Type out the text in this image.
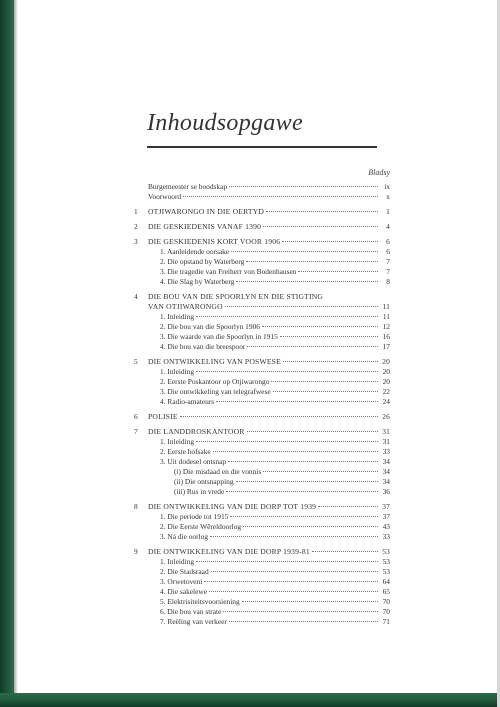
Inhoudsopgawe
Bladsy
Burgemeester se boodskap	ix
Voorwoord	x
1	OTJIWARONGO IN DIE OERTYD	1
2	DIE GESKIEDENIS VANAF 1390	4
3	DIE GESKIEDENIS KORT VOOR 1906	6
1. Aanleidende oorsake	6
2. Die opstand by Waterberg	7
3. Die tragedie van Freiherr von Bodenhausen	7
4. Die Slag by Waterberg	8
4	DIE BOU VAN DIE SPOORLYN EN DIE STIGTING
VAN OTJIWARONGO	11
1. Inleiding	11
2. Die bou van die Spoorlyn 1906	12
3. Die waarde van die Spoorlyn in 1915	16
4. Die bou van die breespoor	17
5	DIE ONTWIKKELING VAN POSWESE	20
1. Inleiding	20
2. Eerste Poskantoor op Otjiwarongo	20
3. Die ontwikkeling van telegrafwese	22
4. Radio-amateurs	24
6	POLISIE	26
7	DIE LANDDROSKANTOOR	31
1. Inleiding	31
2. Eerste hofsake	33
3. Uit dodesel ontsnap	34
(i) Die misdaad en die vonnis	34
(ii) Die ontsnapping	34
(iii) Rus in vrede	36
8	DIE ONTWIKKELING VAN DIE DORP TOT 1939	37
1. Die periode tot 1915	37
2. Die Eerste Wêreldoorlog	43
3. Ná die oorlog	33
9	DIE ONTWIKKELING VAN DIE DORP 1939-81	53
1. Inleiding	53
2. Die Stadsraad	53
3. Orwetoveni	64
4. Die sakelewe	65
5. Elektrisiteitsvoorsiening	70
6. Die bou van strate	70
7. Reëling van verkeer	71
